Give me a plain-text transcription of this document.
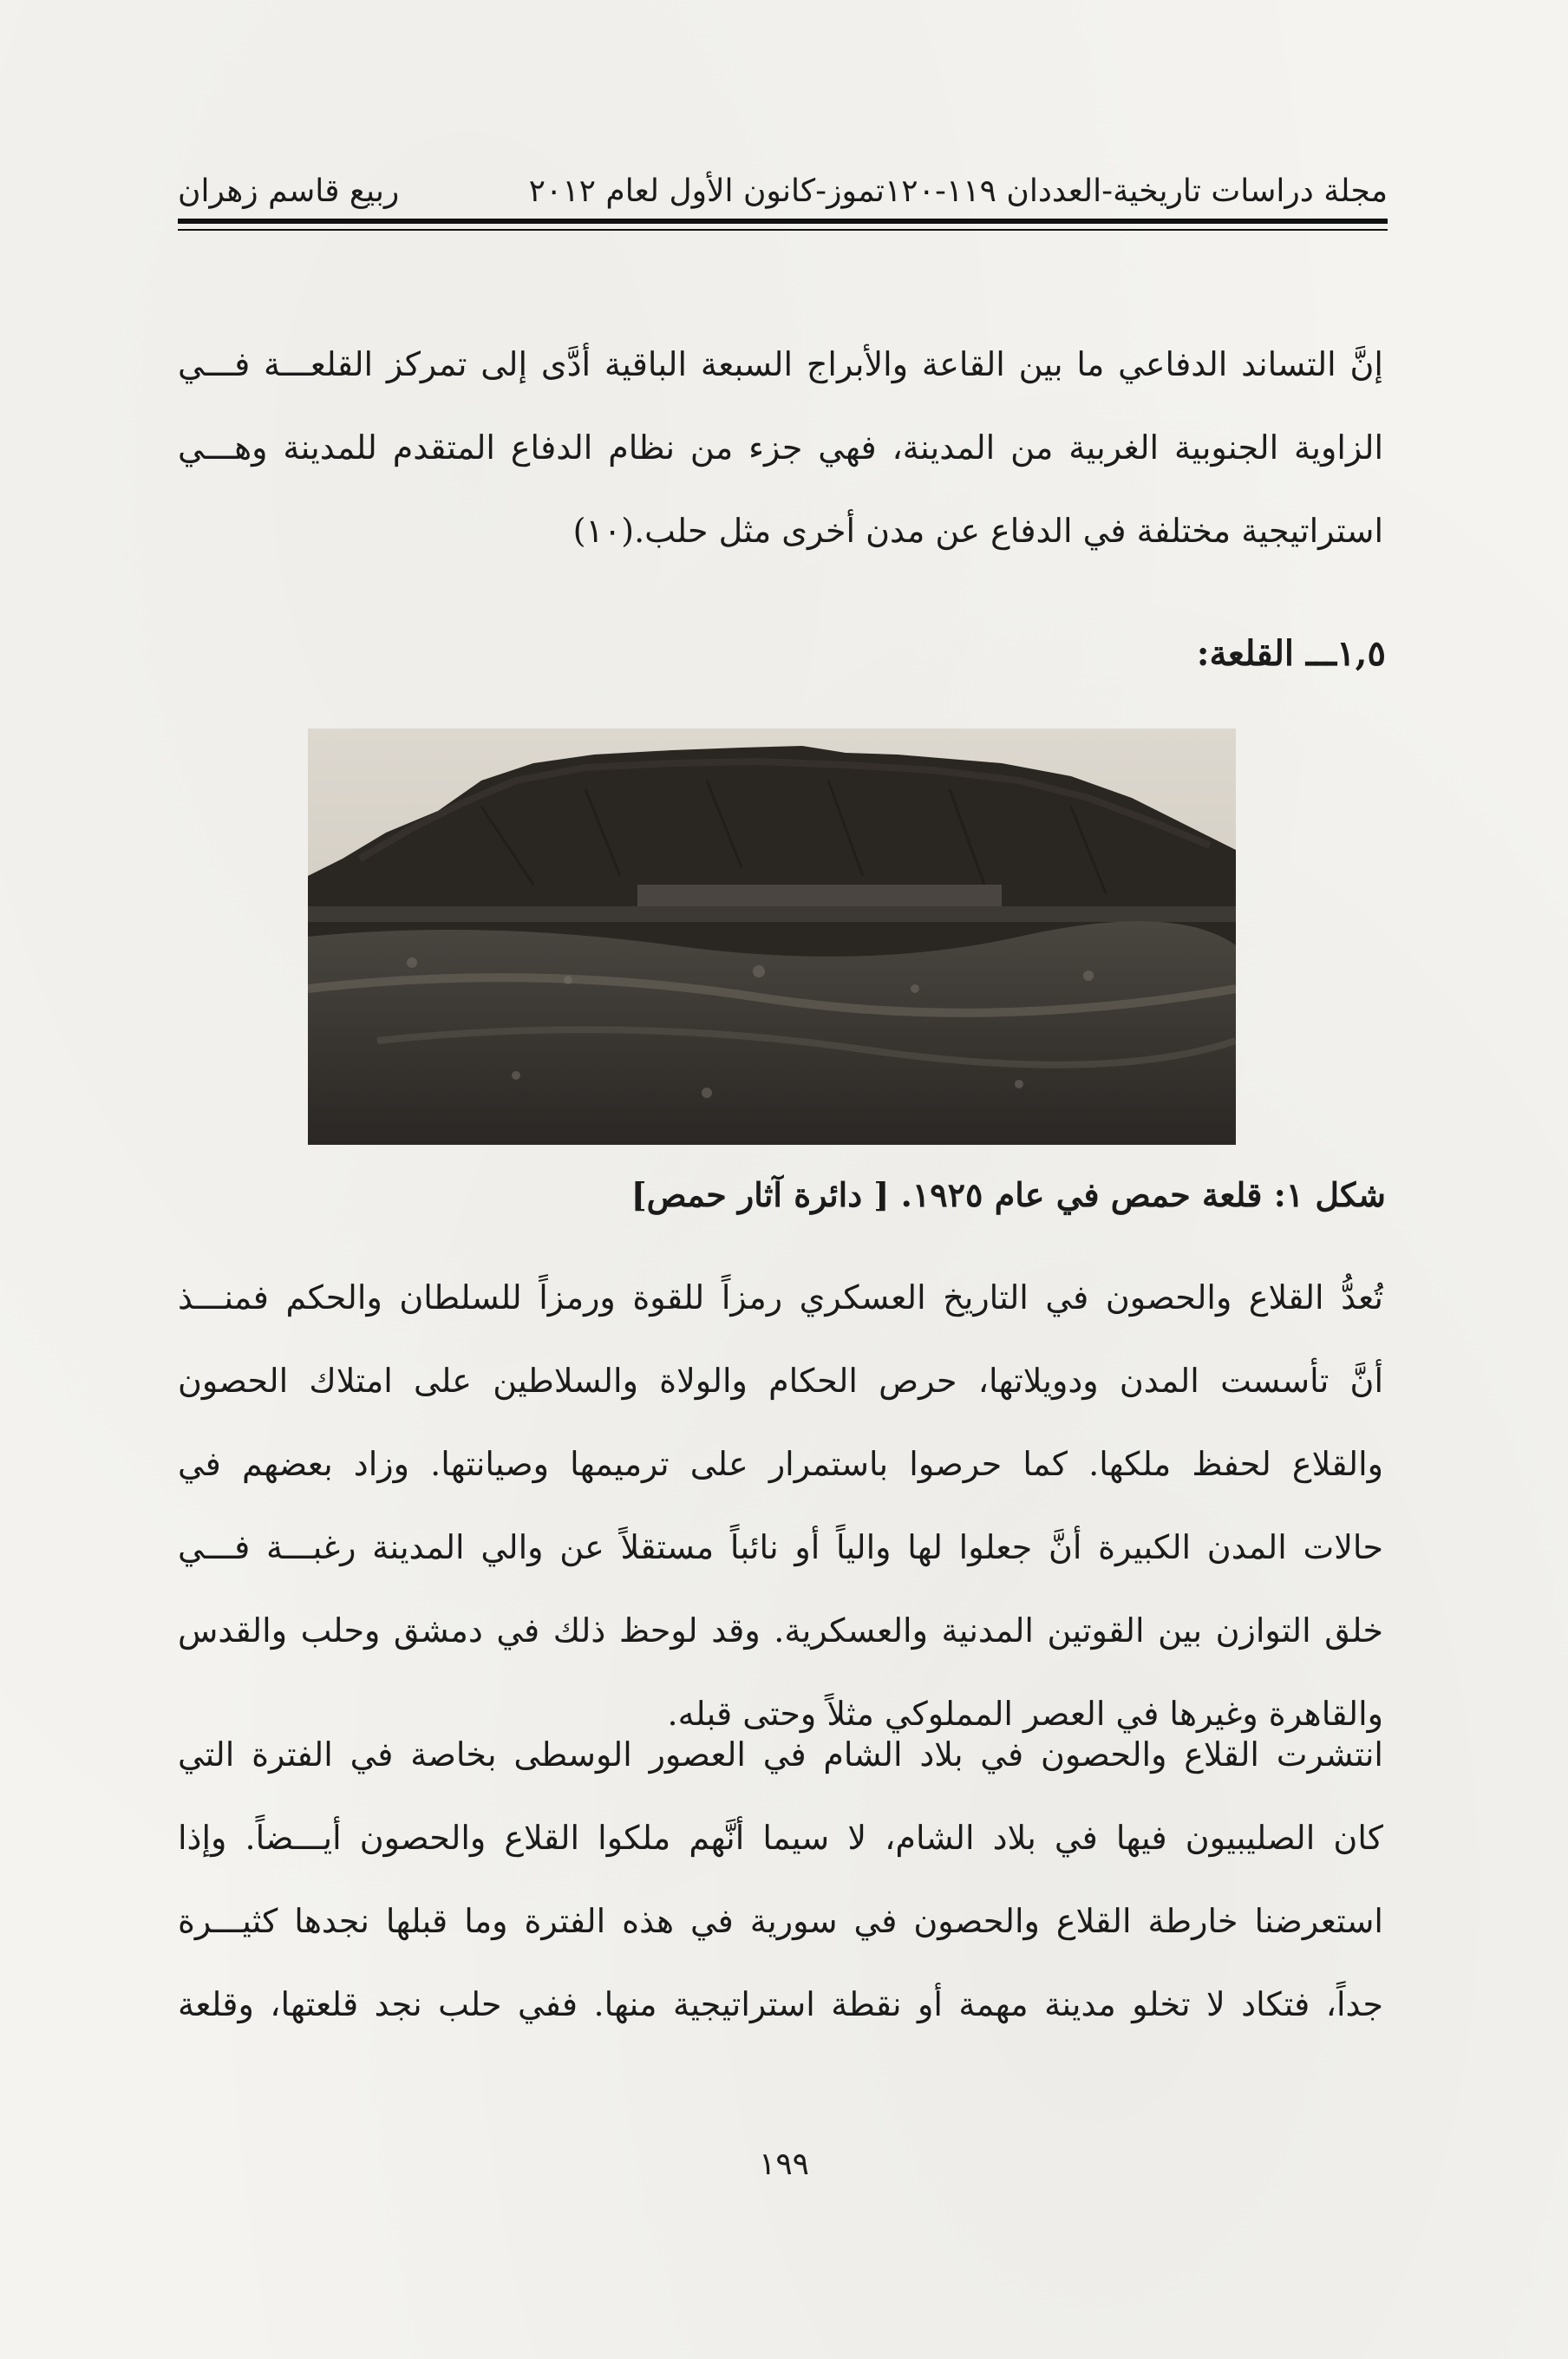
مجلة دراسات تاريخية-العددان ١١٩-١٢٠تموز-كانون الأول لعام ٢٠١٢
ربيع قاسم زهران
إنَّ التساند الدفاعي ما بين القاعة والأبراج السبعة الباقية أدَّى إلى تمركز القلعـــة فـــي
الزاوية الجنوبية الغربية من المدينة، فهي جزء من نظام الدفاع المتقدم للمدينة وهـــي
استراتيجية مختلفة في الدفاع عن مدن أخرى مثل حلب.(١٠)
١,٥ـــ القلعة:
شكل ١: قلعة حمص في عام ١٩٢٥. [ دائرة آثار حمص]
تُعدُّ القلاع والحصون في التاريخ العسكري رمزاً للقوة ورمزاً للسلطان والحكم فمنـــذ
أنَّ تأسست المدن ودويلاتها، حرص الحكام والولاة والسلاطين على امتلاك الحصون
والقلاع لحفظ ملكها. كما حرصوا باستمرار على ترميمها وصيانتها. وزاد بعضهم في
حالات المدن الكبيرة أنَّ جعلوا لها والياً أو نائباً مستقلاً عن والي المدينة رغبـــة فـــي
خلق التوازن بين القوتين المدنية والعسكرية. وقد لوحظ ذلك في دمشق وحلب والقدس
والقاهرة وغيرها في العصر المملوكي مثلاً وحتى قبله.
انتشرت القلاع والحصون في بلاد الشام في العصور الوسطى بخاصة في الفترة التي
كان الصليبيون فيها في بلاد الشام، لا سيما أنَّهم ملكوا القلاع والحصون أيـــضاً. وإذا
استعرضنا خارطة القلاع والحصون في سورية في هذه الفترة وما قبلها نجدها كثيـــرة
جداً، فتكاد لا تخلو مدينة مهمة أو نقطة استراتيجية منها. ففي حلب نجد قلعتها، وقلعة
١٩٩
